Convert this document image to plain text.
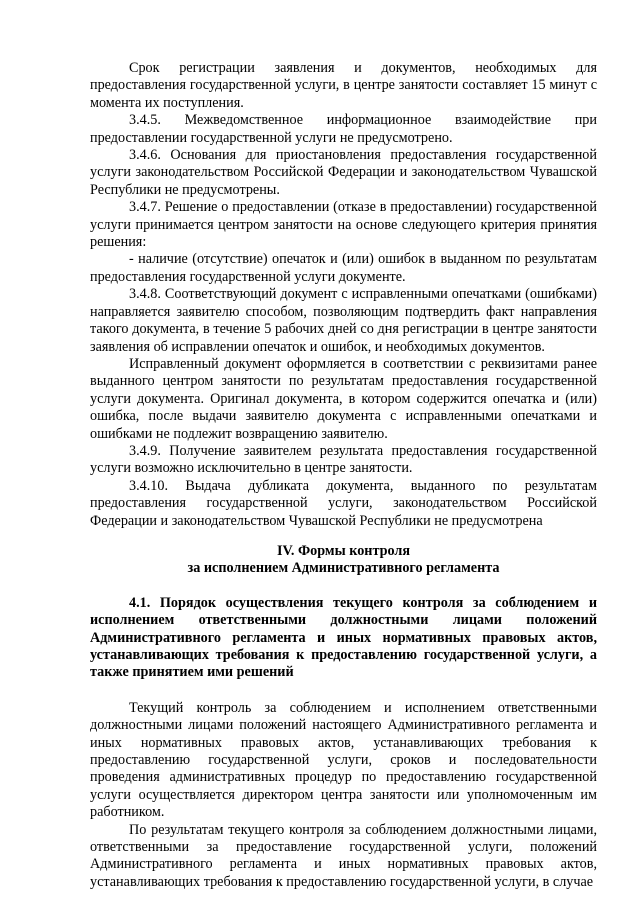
Срок регистрации заявления и документов, необходимых для предоставления государственной услуги, в центре занятости составляет 15 минут с момента их поступления.

3.4.5. Межведомственное информационное взаимодействие при предоставлении государственной услуги не предусмотрено.

3.4.6. Основания для приостановления предоставления государственной услуги законодательством Российской Федерации и законодательством Чувашской Республики не предусмотрены.

3.4.7. Решение о предоставлении (отказе в предоставлении) государственной услуги принимается центром занятости на основе следующего критерия принятия решения:

- наличие (отсутствие) опечаток и (или) ошибок в выданном по результатам предоставления государственной услуги документе.

3.4.8. Соответствующий документ с исправленными опечатками (ошибками) направляется заявителю способом, позволяющим подтвердить факт направления такого документа, в течение 5 рабочих дней со дня регистрации в центре занятости заявления об исправлении опечаток и ошибок, и необходимых документов.

Исправленный документ оформляется в соответствии с реквизитами ранее выданного центром занятости по результатам предоставления государственной услуги документа. Оригинал документа, в котором содержится опечатка и (или) ошибка, после выдачи заявителю документа с исправленными опечатками и ошибками не подлежит возвращению заявителю.

3.4.9. Получение заявителем результата предоставления государственной услуги возможно исключительно в центре занятости.

3.4.10. Выдача дубликата документа, выданного по результатам предоставления государственной услуги, законодательством Российской Федерации и законодательством Чувашской Республики не предусмотрена

IV. Формы контроля

за исполнением Административного регламента

4.1. Порядок осуществления текущего контроля за соблюдением и исполнением ответственными должностными лицами положений Административного регламента и иных нормативных правовых актов, устанавливающих требования к предоставлению государственной услуги, а также принятием ими решений

Текущий контроль за соблюдением и исполнением ответственными должностными лицами положений настоящего Административного регламента и иных нормативных правовых актов, устанавливающих требования к предоставлению государственной услуги, сроков и последовательности проведения административных процедур по предоставлению государственной услуги осуществляется директором центра занятости или уполномоченным им работником.

По результатам текущего контроля за соблюдением должностными лицами, ответственными за предоставление государственной услуги, положений Административного регламента и иных нормативных правовых актов, устанавливающих требования к предоставлению государственной услуги, в случае
